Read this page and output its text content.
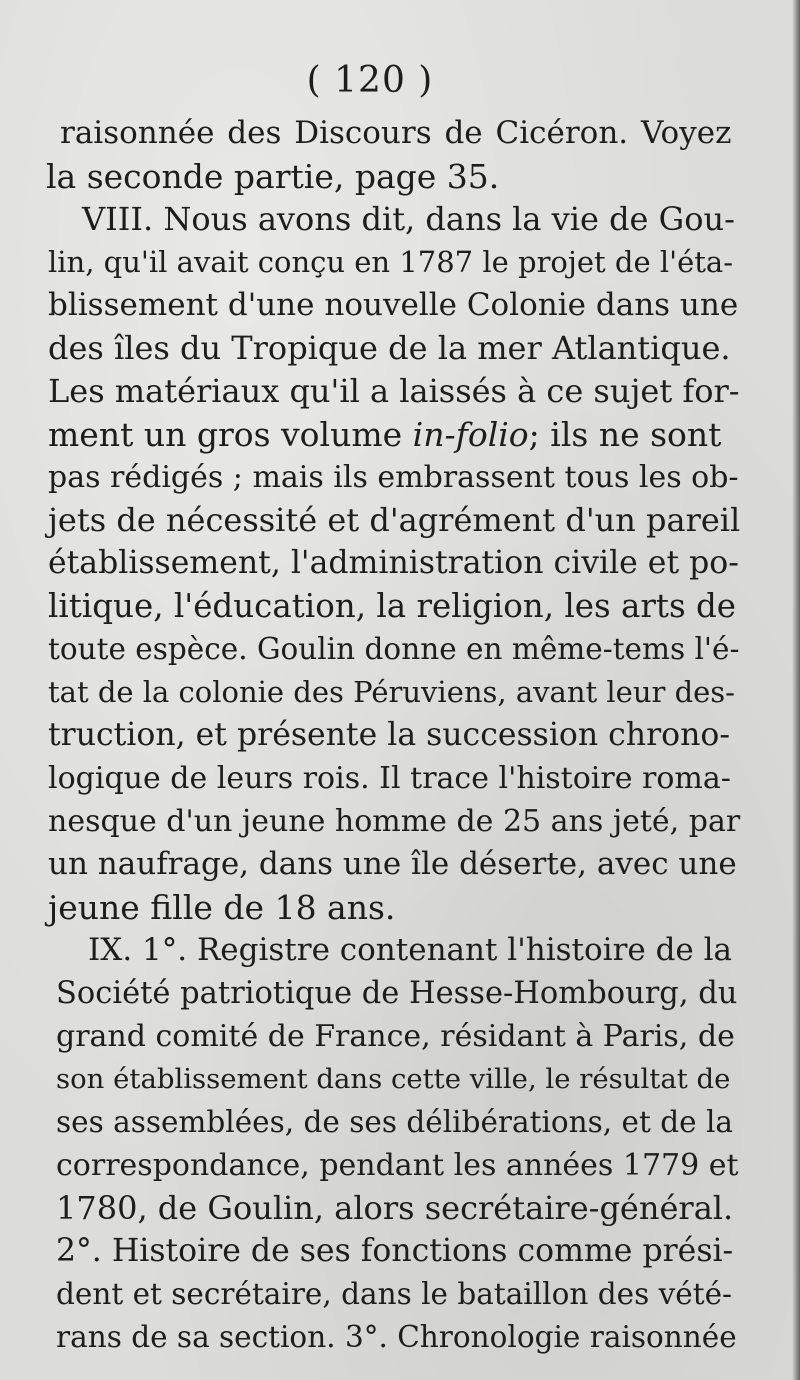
( 120 )
raisonnée des Discours de Cicéron. Voyez
la seconde partie, page 35.
VIII. Nous avons dit, dans la vie de Gou-
lin, qu'il avait conçu en 1787 le projet de l'éta-
blissement d'une nouvelle Colonie dans une
des îles du Tropique de la mer Atlantique.
Les matériaux qu'il a laissés à ce sujet for-
ment un gros volume in-folio; ils ne sont
pas rédigés ; mais ils embrassent tous les ob-
jets de nécessité et d'agrément d'un pareil
établissement, l'administration civile et po-
litique, l'éducation, la religion, les arts de
toute espèce. Goulin donne en même-tems l'é-
tat de la colonie des Péruviens, avant leur des-
truction, et présente la succession chrono-
logique de leurs rois. Il trace l'histoire roma-
nesque d'un jeune homme de 25 ans jeté, par
un naufrage, dans une île déserte, avec une
jeune fille de 18 ans.
IX. 1°. Registre contenant l'histoire de la
Société patriotique de Hesse-Hombourg, du
grand comité de France, résidant à Paris, de
son établissement dans cette ville, le résultat de
ses assemblées, de ses délibérations, et de la
correspondance, pendant les années 1779 et
1780, de Goulin, alors secrétaire-général.
2°. Histoire de ses fonctions comme prési-
dent et secrétaire, dans le bataillon des vété-
rans de sa section. 3°. Chronologie raisonnée
